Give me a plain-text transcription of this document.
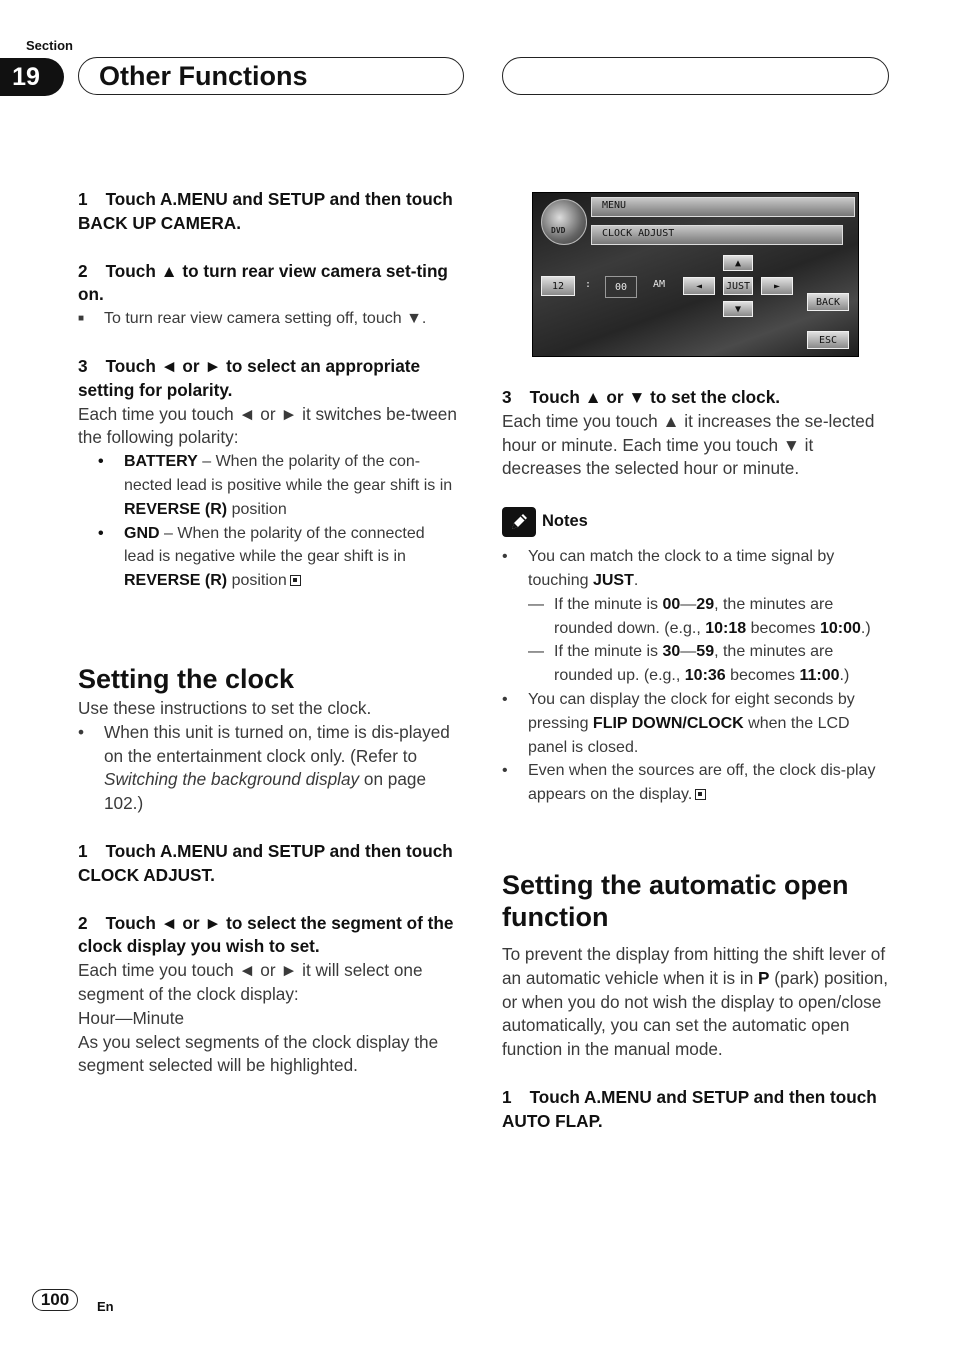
Section
19	Other Functions

1 Touch A.MENU and SETUP and then touch BACK UP CAMERA.

2 Touch ▲ to turn rear view camera set-ting on.

■ To turn rear view camera setting off, touch ▼.

3 Touch ◄ or ► to select an appropriate setting for polarity.

Each time you touch ◄ or ► it switches be-tween the following polarity:

• BATTERY – When the polarity of the con-nected lead is positive while the gear shift is in REVERSE (R) position

• GND – When the polarity of the connected lead is negative while the gear shift is in REVERSE (R) position

Setting the clock

Use these instructions to set the clock.

• When this unit is turned on, time is dis-played on the entertainment clock only. (Refer to Switching the background display on page 102.)

1 Touch A.MENU and SETUP and then touch CLOCK ADJUST.

2 Touch ◄ or ► to select the segment of the clock display you wish to set.

Each time you touch ◄ or ► it will select one segment of the clock display:

Hour—Minute

As you select segments of the clock display the segment selected will be highlighted.

DVD
MENU
CLOCK ADJUST
12	:	00	AM	◄
▲
JUST
▼
►
BACK
ESC

3 Touch ▲ or ▼ to set the clock.

Each time you touch ▲ it increases the se-lected hour or minute. Each time you touch ▼ it decreases the selected hour or minute.

Notes

• You can match the clock to a time signal by touching JUST.

— If the minute is 00—29, the minutes are rounded down. (e.g., 10:18 becomes 10:00.)

— If the minute is 30—59, the minutes are rounded up. (e.g., 10:36 becomes 11:00.)

• You can display the clock for eight seconds by pressing FLIP DOWN/CLOCK when the LCD panel is closed.

• Even when the sources are off, the clock dis-play appears on the display.

Setting the automatic open function

To prevent the display from hitting the shift lever of an automatic vehicle when it is in P (park) position, or when you do not wish the display to open/close automatically, you can set the automatic open function in the manual mode.

1 Touch A.MENU and SETUP and then touch AUTO FLAP.

100	En
